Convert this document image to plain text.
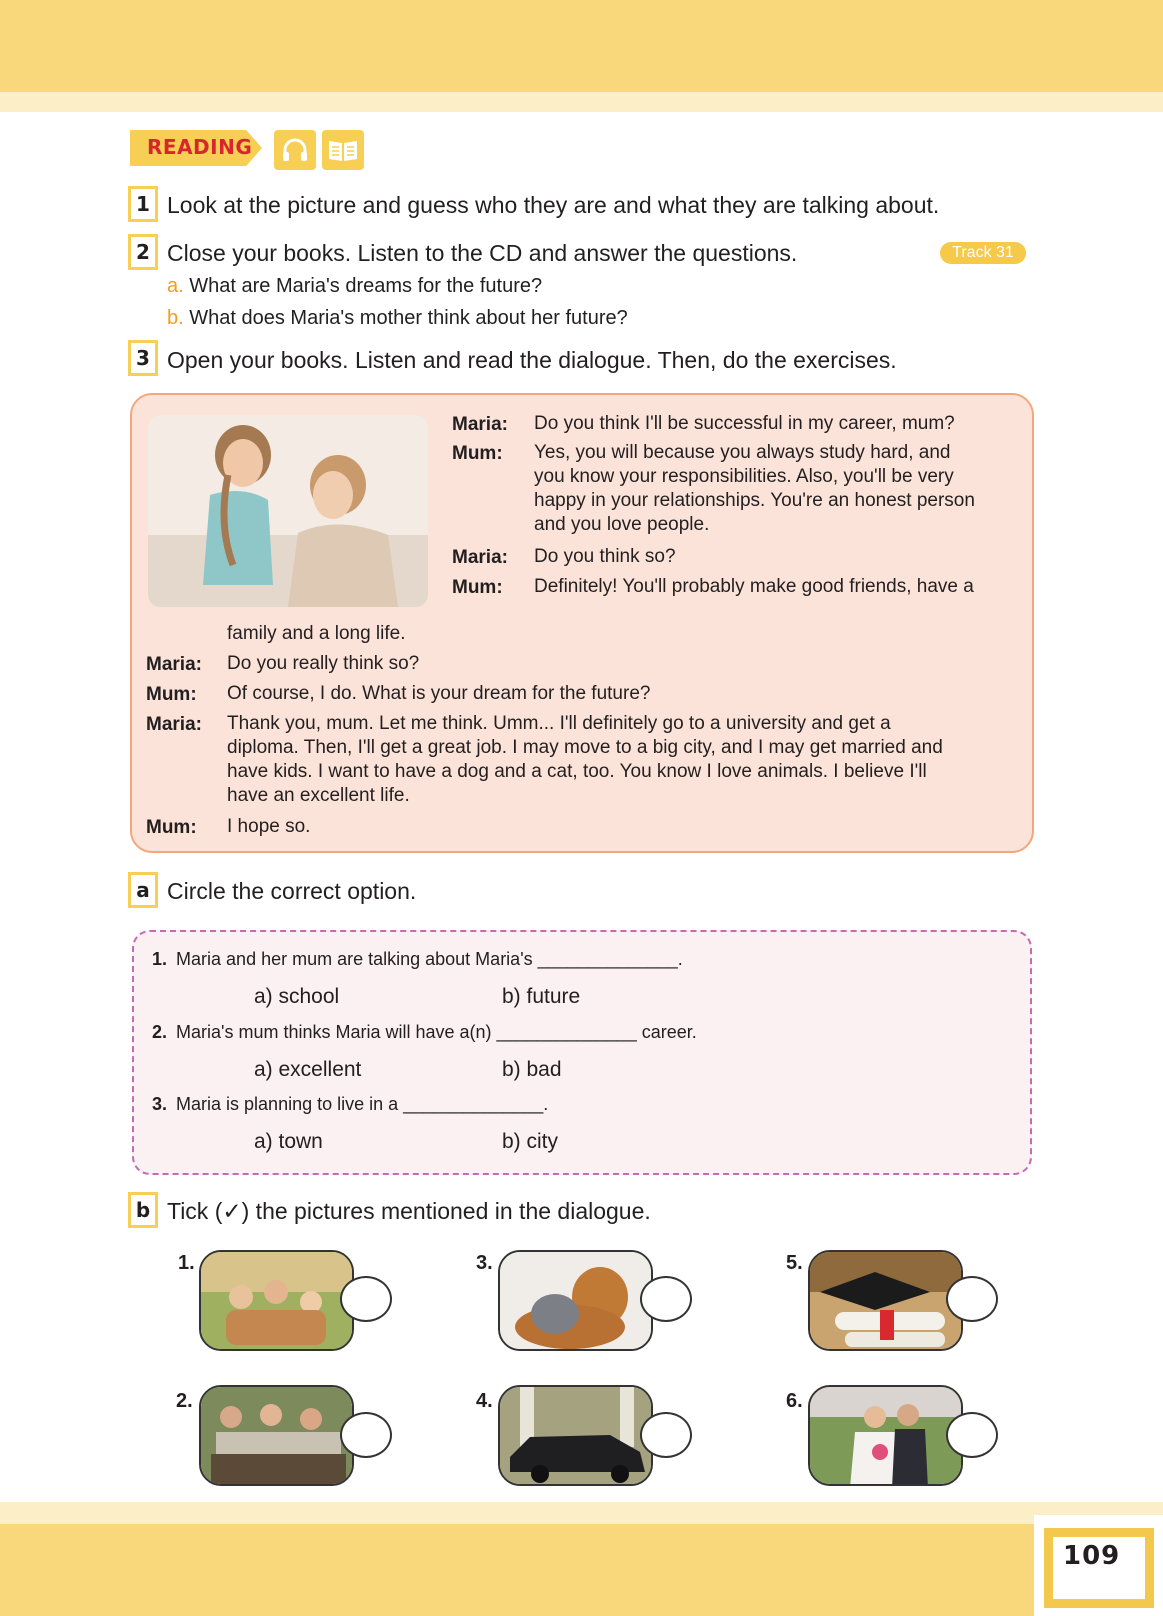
READING
1 Look at the picture and guess who they are and what they are talking about.
2 Close your books. Listen to the CD and answer the questions.	Track 31
a. What are Maria's dreams for the future?
b. What does Maria's mother think about her future?
3 Open your books. Listen and read the dialogue. Then, do the exercises.
Maria: Do you think I'll be successful in my career, mum?
Mum: Yes, you will because you always study hard, and
you know your responsibilities. Also, you'll be very
happy in your relationships. You're an honest person
and you love people.
Maria: Do you think so?
Mum: Definitely! You'll probably make good friends, have a
family and a long life.
Maria: Do you really think so?
Mum: Of course, I do. What is your dream for the future?
Maria: Thank you, mum. Let me think. Umm... I'll definitely go to a university and get a
diploma. Then, I'll get a great job. I may move to a big city, and I may get married and
have kids. I want to have a dog and a cat, too. You know I love animals. I believe I'll
have an excellent life.
Mum: I hope so.
a Circle the correct option.
1. Maria and her mum are talking about Maria's ______________.
a) school	b) future
2. Maria's mum thinks Maria will have a(n) ______________ career.
a) excellent	b) bad
3. Maria is planning to live in a ______________.
a) town	b) city
b Tick (✓) the pictures mentioned in the dialogue.
1.
2.
3.
4.
5.
6.
109
